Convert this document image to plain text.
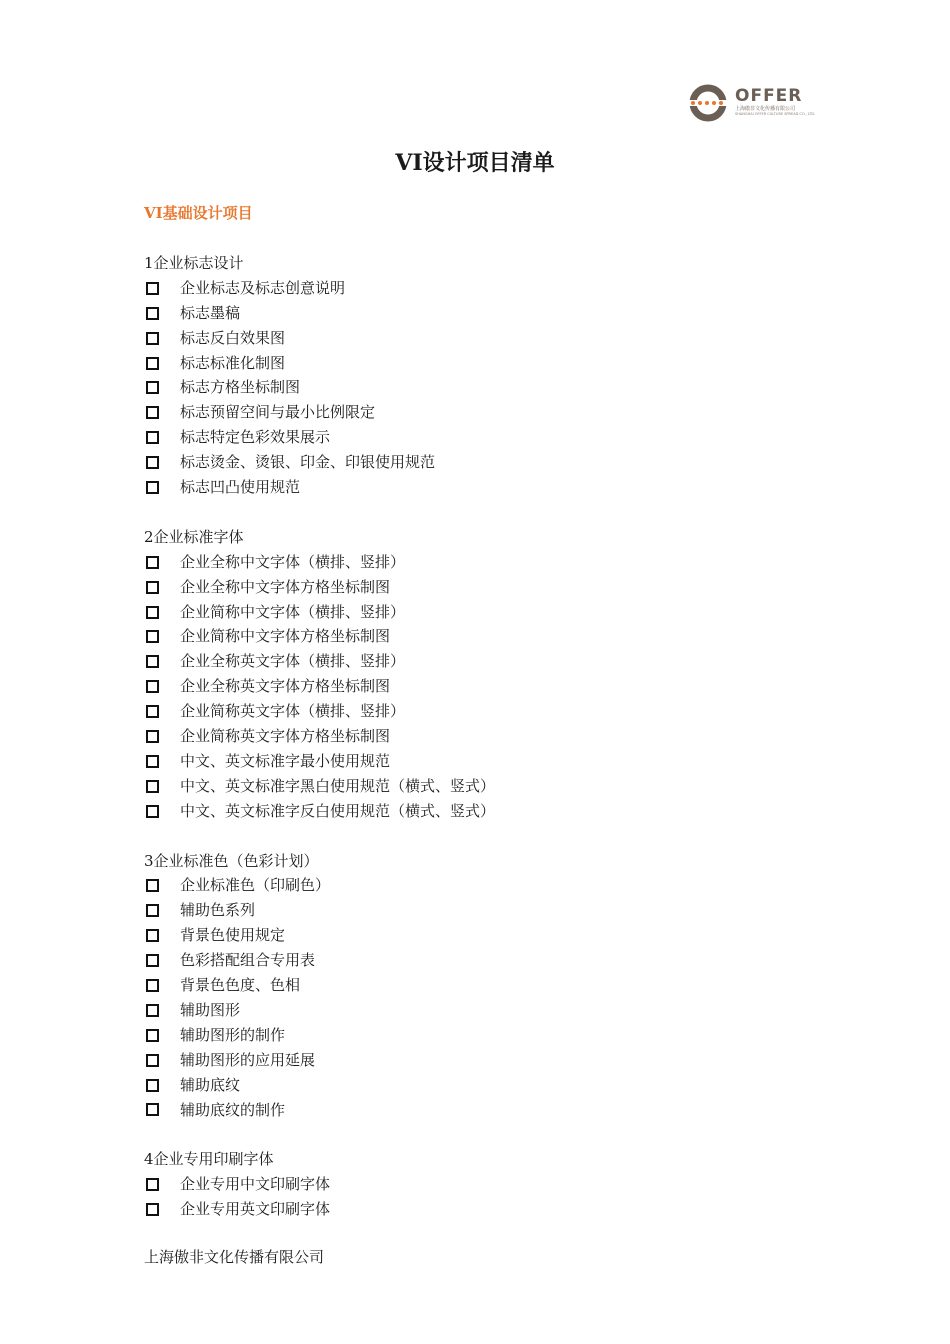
OFFER
上海傲非文化传播有限公司
SHANGHAI OFFER CULTURE SPREAD CO., LTD.
VI设计项目清单
VI基础设计项目
1企业标志设计
企业标志及标志创意说明
标志墨稿
标志反白效果图
标志标准化制图
标志方格坐标制图
标志预留空间与最小比例限定
标志特定色彩效果展示
标志烫金、烫银、印金、印银使用规范
标志凹凸使用规范
2企业标准字体
企业全称中文字体（横排、竖排）
企业全称中文字体方格坐标制图
企业简称中文字体（横排、竖排）
企业简称中文字体方格坐标制图
企业全称英文字体（横排、竖排）
企业全称英文字体方格坐标制图
企业简称英文字体（横排、竖排）
企业简称英文字体方格坐标制图
中文、英文标准字最小使用规范
中文、英文标准字黑白使用规范（横式、竖式）
中文、英文标准字反白使用规范（横式、竖式）
3企业标准色（色彩计划）
企业标准色（印刷色）
辅助色系列
背景色使用规定
色彩搭配组合专用表
背景色色度、色相
辅助图形
辅助图形的制作
辅助图形的应用延展
辅助底纹
辅助底纹的制作
4企业专用印刷字体
企业专用中文印刷字体
企业专用英文印刷字体
上海傲非文化传播有限公司
